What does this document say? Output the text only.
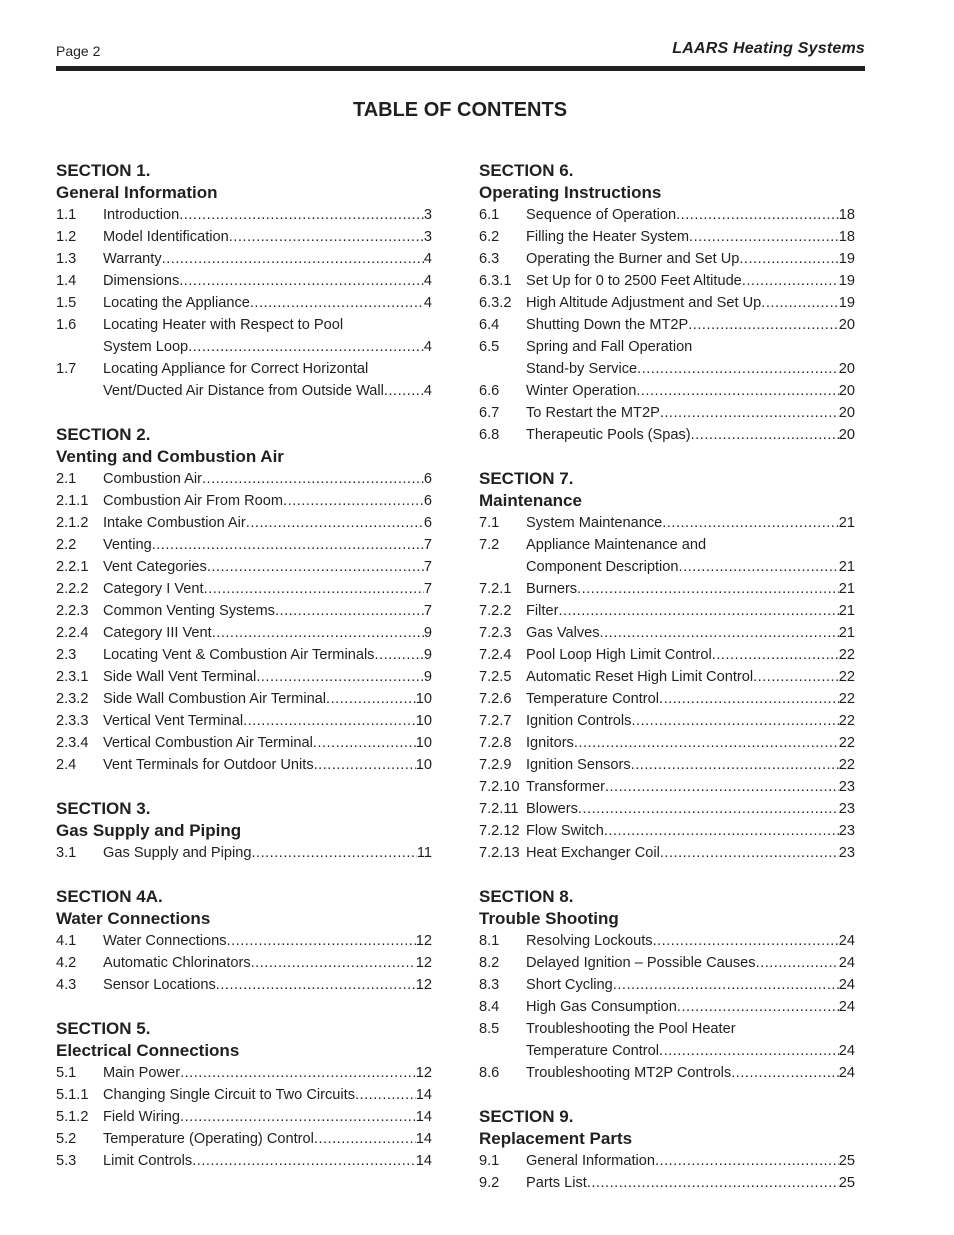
Page 2	LAARS Heating Systems
TABLE OF CONTENTS
SECTION 1.
General Information
1.1	Introduction .....	3
1.2	Model Identification .....	3
1.3	Warranty .....	4
1.4	Dimensions .....	4
1.5	Locating the Appliance .....	4
1.6	Locating Heater with Respect to Pool
System Loop .....	4
1.7	Locating Appliance for Correct Horizontal
Vent/Ducted Air Distance from Outside Wall .....	4
SECTION 2.
Venting and Combustion Air
2.1	Combustion Air .....	6
2.1.1 Combustion Air From Room .....	6
2.1.2 Intake Combustion Air .....	6
2.2	Venting .....	7
2.2.1 Vent Categories .....	7
2.2.2 Category I Vent .....	7
2.2.3 Common Venting Systems .....	7
2.2.4 Category III Vent .....	9
2.3	Locating Vent & Combustion Air Terminals .....	9
2.3.1 Side Wall Vent Terminal .....	9
2.3.2 Side Wall Combustion Air Terminal .....	10
2.3.3 Vertical Vent Terminal .....	10
2.3.4 Vertical Combustion Air Terminal .....	10
2.4	Vent Terminals for Outdoor Units .....	10
SECTION 3.
Gas Supply and Piping
3.1	Gas Supply and Piping .....	11
SECTION 4A.
Water Connections
4.1	Water Connections .....	12
4.2	Automatic Chlorinators .....	12
4.3	Sensor Locations .....	12
SECTION 5.
Electrical Connections
5.1	Main Power .....	12
5.1.1 Changing Single Circuit to Two Circuits .....	14
5.1.2 Field Wiring .....	14
5.2	Temperature (Operating) Control .....	14
5.3	Limit Controls .....	14
SECTION 6.
Operating Instructions
6.1	Sequence of Operation .....	18
6.2	Filling the Heater System .....	18
6.3	Operating the Burner and Set Up .....	19
6.3.1 Set Up for 0 to 2500 Feet Altitude .....	19
6.3.2 High Altitude Adjustment and Set Up .....	19
6.4	Shutting Down the MT2P .....	20
6.5	Spring and Fall Operation
Stand-by Service .....	20
6.6	Winter Operation .....	20
6.7	To Restart the MT2P .....	20
6.8	Therapeutic Pools (Spas) .....	20
SECTION 7.
Maintenance
7.1	System Maintenance .....	21
7.2	Appliance Maintenance and
Component Description .....	21
7.2.1 Burners .....	21
7.2.2 Filter .....	21
7.2.3 Gas Valves .....	21
7.2.4 Pool Loop High Limit Control .....	22
7.2.5 Automatic Reset High Limit Control .....	22
7.2.6 Temperature Control .....	22
7.2.7 Ignition Controls .....	22
7.2.8 Ignitors .....	22
7.2.9 Ignition Sensors .....	22
7.2.10 Transformer .....	23
7.2.11 Blowers .....	23
7.2.12 Flow Switch .....	23
7.2.13 Heat Exchanger Coil .....	23
SECTION 8.
Trouble Shooting
8.1	Resolving Lockouts .....	24
8.2	Delayed Ignition – Possible Causes .....	24
8.3	Short Cycling .....	24
8.4	High Gas Consumption .....	24
8.5	Troubleshooting the Pool Heater
Temperature Control .....	24
8.6	Troubleshooting MT2P Controls .....	24
SECTION 9.
Replacement Parts
9.1	General Information .....	25
9.2	Parts List .....	25
